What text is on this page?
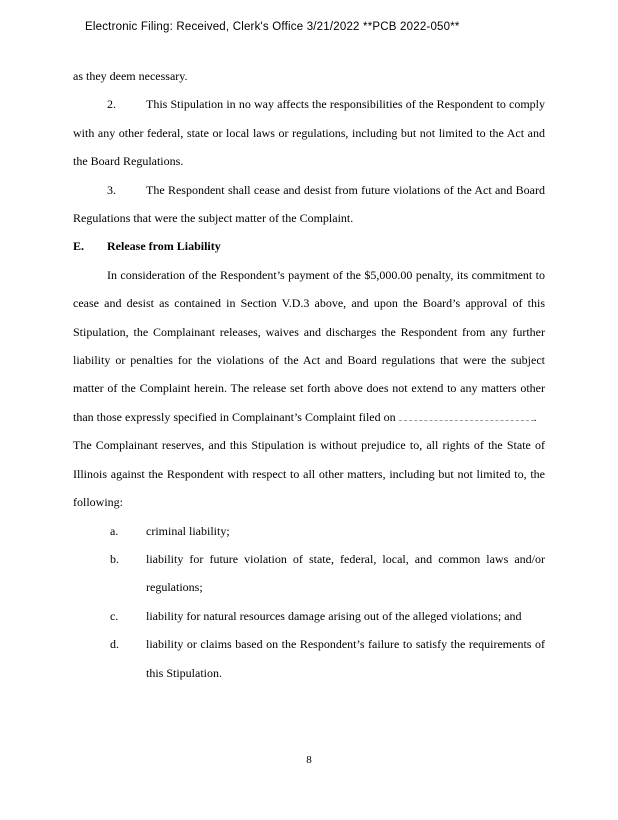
Electronic Filing: Received, Clerk's Office 3/21/2022 **PCB 2022-050**

as they deem necessary.

2.	This Stipulation in no way affects the responsibilities of the Respondent to comply with any other federal, state or local laws or regulations, including but not limited to the Act and the Board Regulations.

3.	The Respondent shall cease and desist from future violations of the Act and Board Regulations that were the subject matter of the Complaint.

E. Release from Liability

In consideration of the Respondent’s payment of the $5,000.00 penalty, its commitment to cease and desist as contained in Section V.D.3 above, and upon the Board’s approval of this Stipulation, the Complainant releases, waives and discharges the Respondent from any further liability or penalties for the violations of the Act and Board regulations that were the subject matter of the Complaint herein. The release set forth above does not extend to any matters other than those expressly specified in Complainant’s Complaint filed on	.

The Complainant reserves, and this Stipulation is without prejudice to, all rights of the State of Illinois against the Respondent with respect to all other matters, including but not limited to, the following:

a.	criminal liability;
b.	liability for future violation of state, federal, local, and common laws and/or regulations;
c.	liability for natural resources damage arising out of the alleged violations; and
d.	liability or claims based on the Respondent’s failure to satisfy the requirements of this Stipulation.
8
